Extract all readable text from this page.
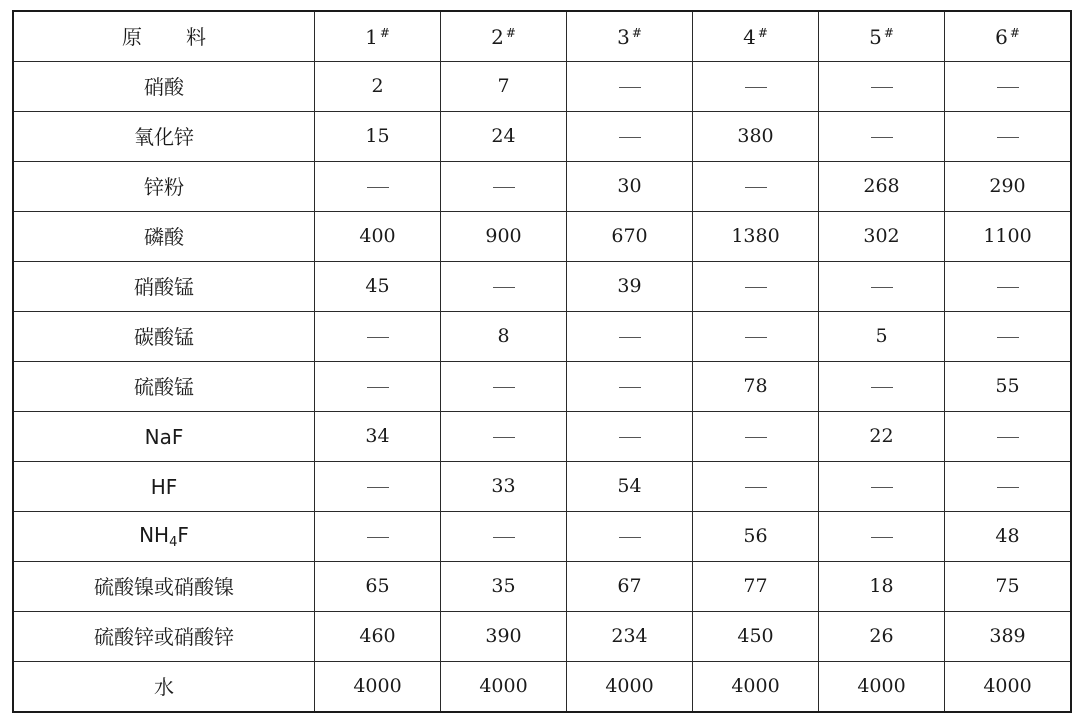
原料	1 #	2 #	3 #	4 #	5 #	6 #
硝酸	2	7				
氧化锌	15	24		380		
锌粉			30		268	290
磷酸	400	900	670	1380	302	1100
硝酸锰	45		39			
碳酸锰		8			5	
硫酸锰				78		55
NaF	34				22	
HF		33	54			
$NH_4F$				56		48
硫酸镍或硝酸镍	65	35	67	77	18	75
硫酸锌或硝酸锌	460	390	234	450	26	389
水	4000	4000	4000	4000	4000	4000
